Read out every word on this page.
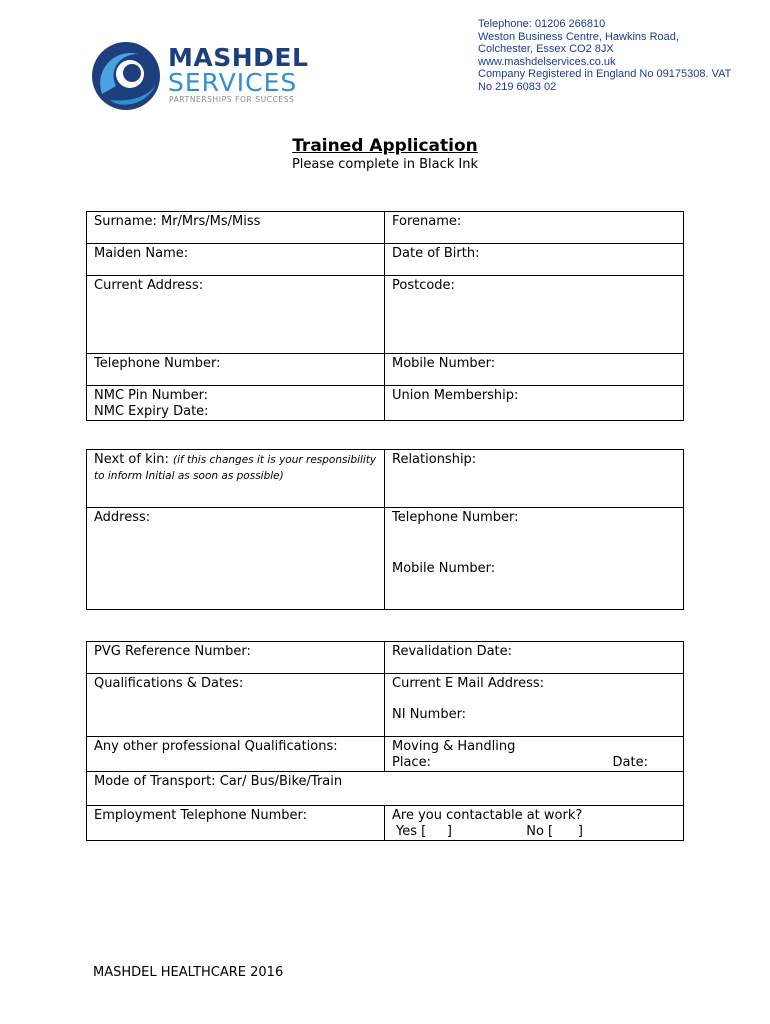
MASHDEL
SERVICES
PARTNERSHIPS FOR SUCCESS
Telephone: 01206 266810
Weston Business Centre, Hawkins Road,
Colchester, Essex CO2 8JX
www.mashdelservices.co.uk
Company Registered in England No 09175308. VAT
No 219 6083 02
Trained Application
Please complete in Black Ink
Surname: Mr/Mrs/Ms/Miss	Forename:
Maiden Name:	Date of Birth:
Current Address:	Postcode:
Telephone Number:	Mobile Number:

NMC Pin Number:
NMC Expiry Date:	Union Membership:
Next of kin: (if this changes it is your responsibility to inform Initial as soon as possible)	Relationship:
Address:	Telephone Number:
Mobile Number:
PVG Reference Number:	Revalidation Date:
Qualifications & Dates:	Current E Mail Address:
NI Number:

Any other professional Qualifications:	Moving & Handling
Place: Date:

Mode of Transport: Car/ Bus/Bike/Train	
Employment Telephone Number:	Are you contactable at work?
Yes [     ] No [      ]
MASHDEL HEALTHCARE 2016
